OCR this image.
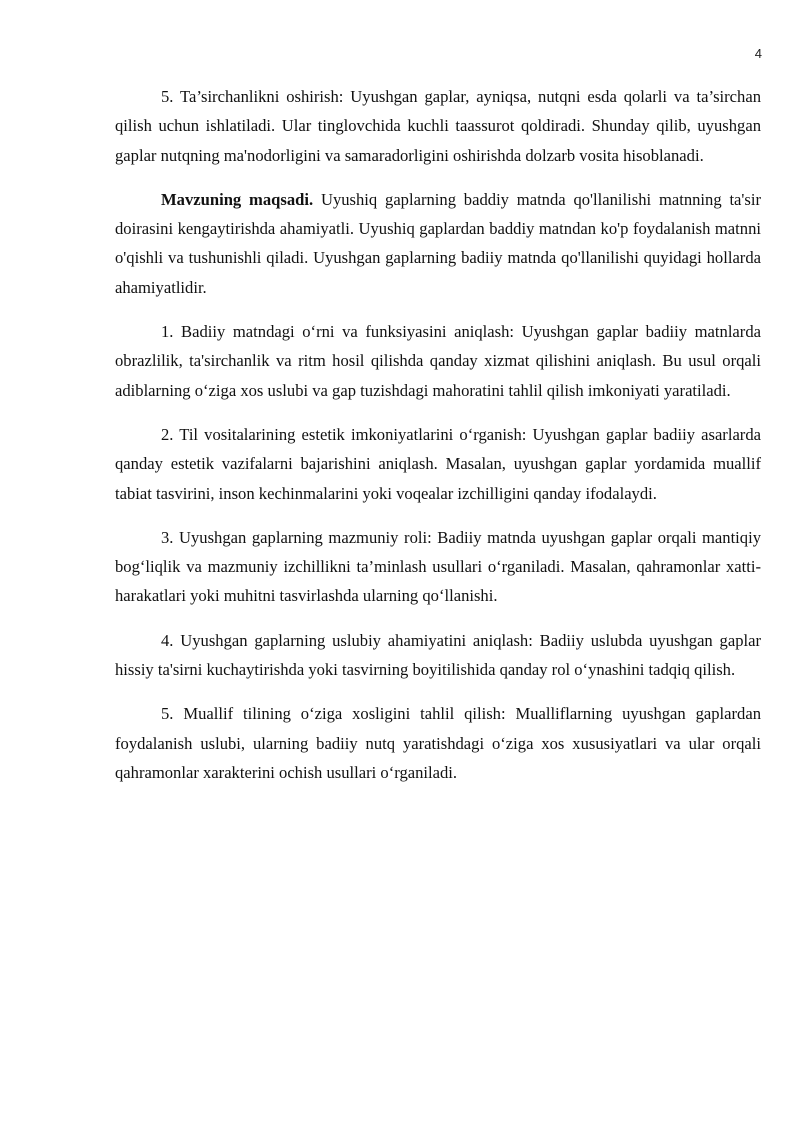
4

5. Ta’sirchanlikni oshirish: Uyushgan gaplar, ayniqsa, nutqni esda qolarli va ta’sirchan qilish uchun ishlatiladi. Ular tinglovchida kuchli taassurot qoldiradi. Shunday qilib, uyushgan gaplar nutqning ma'nodorligini va samaradorligini oshirishda dolzarb vosita hisoblanadi.

Mavzuning maqsadi. Uyushiq gaplarning baddiy matnda qo'llanilishi matnning ta'sir doirasini kengaytirishda ahamiyatli. Uyushiq gaplardan baddiy matndan ko'p foydalanish matnni o'qishli va tushunishli qiladi. Uyushgan gaplarning badiiy matnda qo'llanilishi quyidagi hollarda ahamiyatlidir.

1. Badiiy matndagi o‘rni va funksiyasini aniqlash: Uyushgan gaplar badiiy matnlarda obrazlilik, ta'sirchanlik va ritm hosil qilishda qanday xizmat qilishini aniqlash. Bu usul orqali adiblarning o‘ziga xos uslubi va gap tuzishdagi mahoratini tahlil qilish imkoniyati yaratiladi.

2. Til vositalarining estetik imkoniyatlarini o‘rganish: Uyushgan gaplar badiiy asarlarda qanday estetik vazifalarni bajarishini aniqlash. Masalan, uyushgan gaplar yordamida muallif tabiat tasvirini, inson kechinmalarini yoki voqealar izchilligini qanday ifodalaydi.

3. Uyushgan gaplarning mazmuniy roli: Badiiy matnda uyushgan gaplar orqali mantiqiy bog‘liqlik va mazmuniy izchillikni ta’minlash usullari o‘rganiladi. Masalan, qahramonlar xatti-harakatlari yoki muhitni tasvirlashda ularning qo‘llanishi.

4. Uyushgan gaplarning uslubiy ahamiyatini aniqlash: Badiiy uslubda uyushgan gaplar hissiy ta'sirni kuchaytirishda yoki tasvirning boyitilishida qanday rol o‘ynashini tadqiq qilish.

5. Muallif tilining o‘ziga xosligini tahlil qilish: Mualliflarning uyushgan gaplardan foydalanish uslubi, ularning badiiy nutq yaratishdagi o‘ziga xos xususiyatlari va ular orqali qahramonlar xarakterini ochish usullari o‘rganiladi.
